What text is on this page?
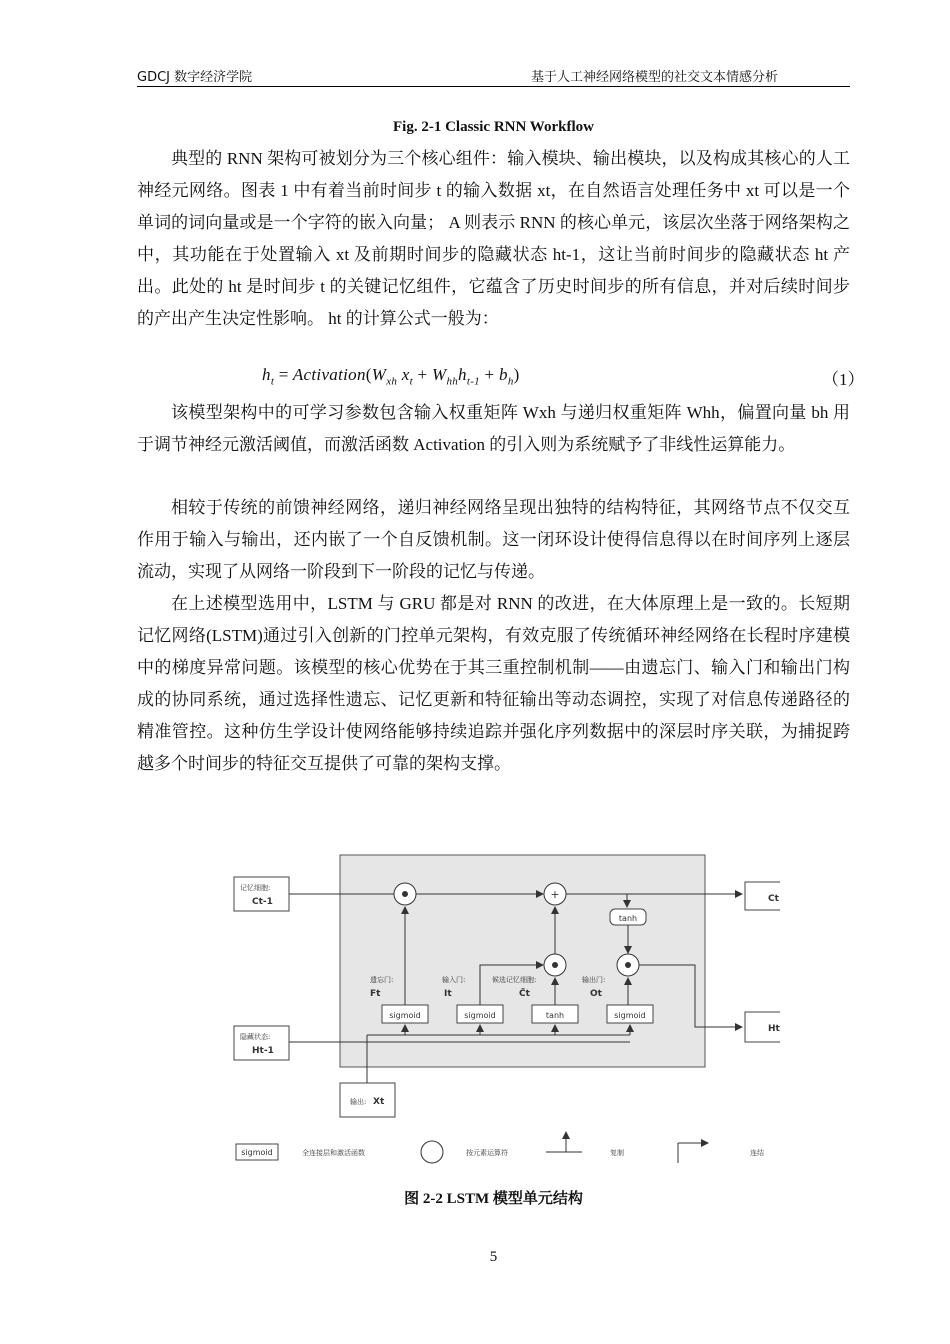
GDCJ 数字经济学院	基于人工神经网络模型的社交文本情感分析
Fig. 2-1 Classic RNN Workflow

典型的 RNN 架构可被划分为三个核心组件：输入模块、输出模块，以及构成其核心的人工神经元网络。图表 1 中有着当前时间步 t 的输入数据 xt，在自然语言处理任务中 xt 可以是一个单词的词向量或是一个字符的嵌入向量； A 则表示 RNN 的核心单元，该层次坐落于网络架构之中，其功能在于处置输入 xt 及前期时间步的隐藏状态 ht-1，这让当前时间步的隐藏状态 ht 产出。此处的 ht 是时间步 t 的关键记忆组件，它蕴含了历史时间步的所有信息，并对后续时间步的产出产生决定性影响。 ht 的计算公式一般为：

$h_t$ = $Activation(W_{xh}$ $x_t + W_{hh}h_{t-1} + b_h$)	（1）

该模型架构中的可学习参数包含输入权重矩阵 Wxh 与递归权重矩阵 Whh，偏置向量 bh 用于调节神经元激活阈值，而激活函数 Activation 的引入则为系统赋予了非线性运算能力。

相较于传统的前馈神经网络，递归神经网络呈现出独特的结构特征，其网络节点不仅交互作用于输入与输出，还内嵌了一个自反馈机制。这一闭环设计使得信息得以在时间序列上逐层流动，实现了从网络一阶段到下一阶段的记忆与传递。

在上述模型选用中，LSTM 与 GRU 都是对 RNN 的改进，在大体原理上是一致的。长短期记忆网络(LSTM)通过引入创新的门控单元架构，有效克服了传统循环神经网络在长程时序建模中的梯度异常问题。该模型的核心优势在于其三重控制机制——由遗忘门、输入门和输出门构成的协同系统，通过选择性遗忘、记忆更新和特征输出等动态调控，实现了对信息传递路径的精准管控。这种仿生学设计使网络能够持续追踪并强化序列数据中的深层时序关联，为捕捉跨越多个时间步的特征交互提供了可靠的架构支撑。

记忆细胞:
Ct-1
隐藏状态:
Ht-1
输出: Xt
Ct
Ht
+
tanh
sigmoid	sigmoid	tanh	sigmoid
遗忘门:
Ft
输入门:
It
候选记忆细胞:
C̃t
输出门:
Ot
sigmoid	全连接层和激活函数	按元素运算符	复制	连结
图 2-2 LSTM 模型单元结构
5
